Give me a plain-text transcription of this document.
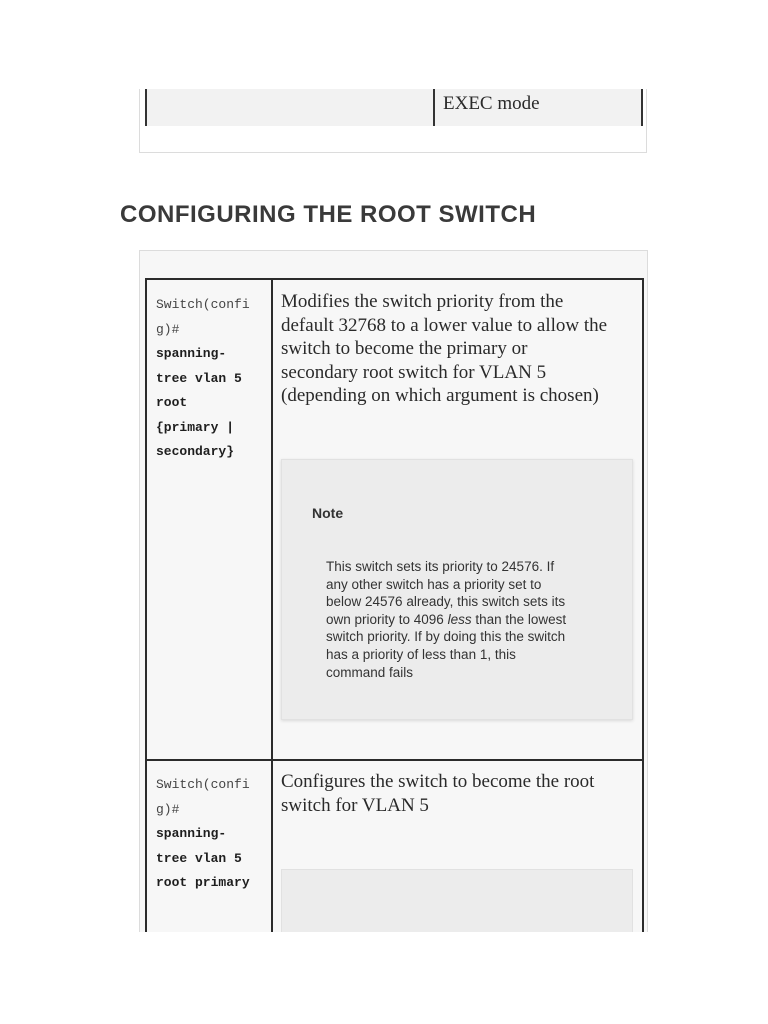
EXEC mode
CONFIGURING THE ROOT SWITCH
Switch(confi
g)#
spanning-
tree vlan 5
root
{primary |
secondary}
Modifies the switch priority from the
default 32768 to a lower value to allow the
switch to become the primary or
secondary root switch for VLAN 5
(depending on which argument is chosen)
Note
This switch sets its priority to 24576. If
any other switch has a priority set to
below 24576 already, this switch sets its
own priority to 4096 less than the lowest
switch priority. If by doing this the switch
has a priority of less than 1, this
command fails
Switch(confi
g)#
spanning-
tree vlan 5
root primary
Configures the switch to become the root
switch for VLAN 5
